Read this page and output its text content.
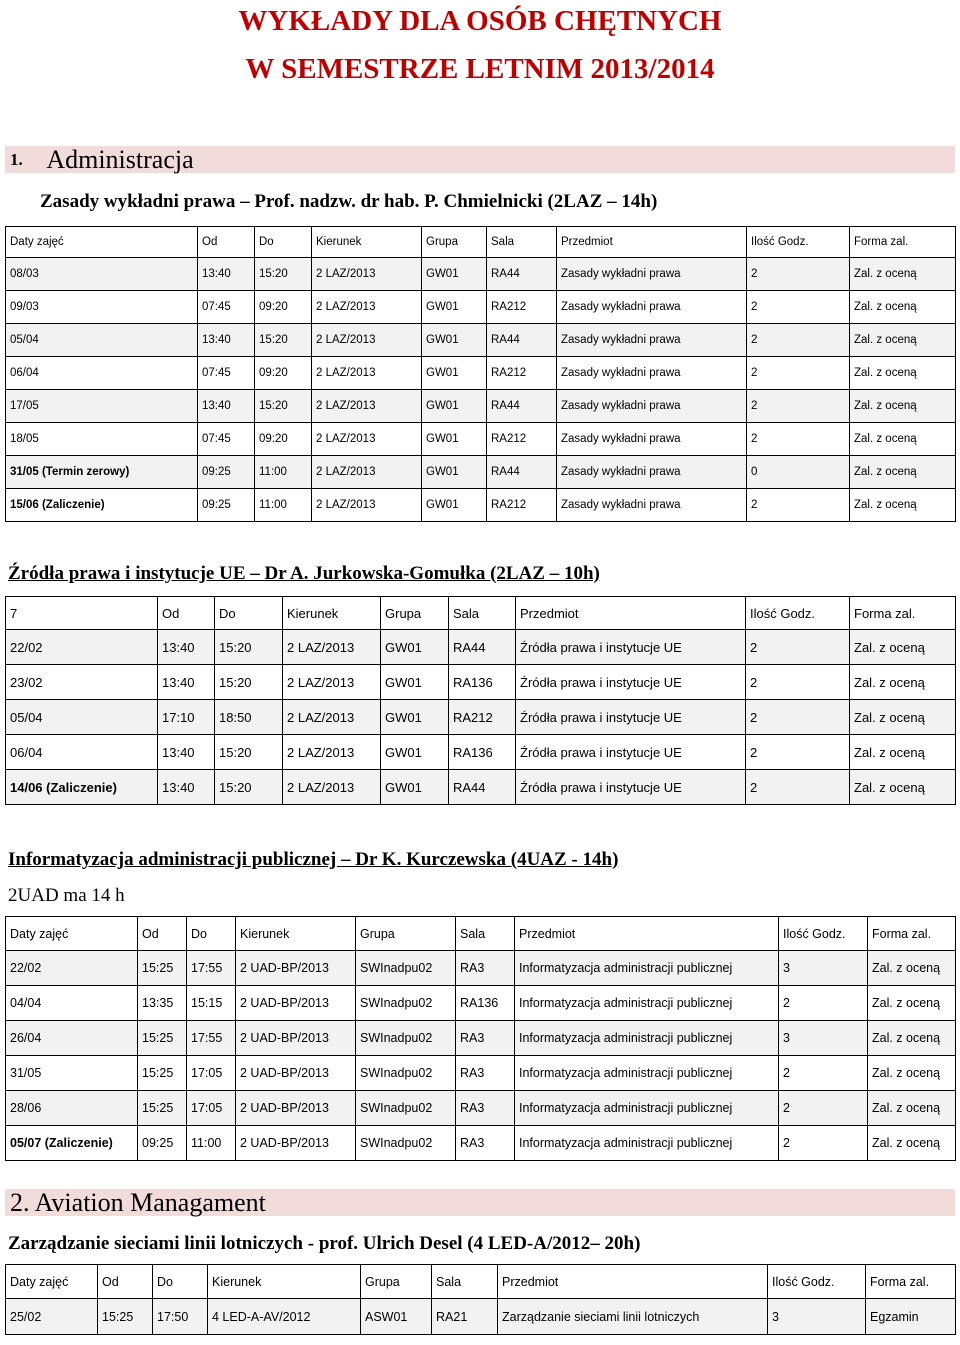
WYKŁADY DLA OSÓB CHĘTNYCH
W SEMESTRZE LETNIM 2013/2014
1. Administracja
Zasady wykładni prawa – Prof. nadzw. dr hab. P. Chmielnicki (2LAZ – 14h)
Daty zajęć	Od	Do	Kierunek	Grupa	Sala	Przedmiot	Ilość Godz.	Forma zal.
08/03	13:40	15:20	2 LAZ/2013	GW01	RA44	Zasady wykładni prawa	2	Zal. z oceną
09/03	07:45	09:20	2 LAZ/2013	GW01	RA212	Zasady wykładni prawa	2	Zal. z oceną
05/04	13:40	15:20	2 LAZ/2013	GW01	RA44	Zasady wykładni prawa	2	Zal. z oceną
06/04	07:45	09:20	2 LAZ/2013	GW01	RA212	Zasady wykładni prawa	2	Zal. z oceną
17/05	13:40	15:20	2 LAZ/2013	GW01	RA44	Zasady wykładni prawa	2	Zal. z oceną
18/05	07:45	09:20	2 LAZ/2013	GW01	RA212	Zasady wykładni prawa	2	Zal. z oceną
31/05 (Termin zerowy)	09:25	11:00	2 LAZ/2013	GW01	RA44	Zasady wykładni prawa	0	Zal. z oceną
15/06 (Zaliczenie)	09:25	11:00	2 LAZ/2013	GW01	RA212	Zasady wykładni prawa	2	Zal. z oceną
Źródła prawa i instytucje UE – Dr A. Jurkowska-Gomułka (2LAZ – 10h)
7	Od	Do	Kierunek	Grupa	Sala	Przedmiot	Ilość Godz.	Forma zal.
22/02	13:40	15:20	2 LAZ/2013	GW01	RA44	Źródła prawa i instytucje UE	2	Zal. z oceną
23/02	13:40	15:20	2 LAZ/2013	GW01	RA136	Źródła prawa i instytucje UE	2	Zal. z oceną
05/04	17:10	18:50	2 LAZ/2013	GW01	RA212	Źródła prawa i instytucje UE	2	Zal. z oceną
06/04	13:40	15:20	2 LAZ/2013	GW01	RA136	Źródła prawa i instytucje UE	2	Zal. z oceną
14/06 (Zaliczenie)	13:40	15:20	2 LAZ/2013	GW01	RA44	Źródła prawa i instytucje UE	2	Zal. z oceną
Informatyzacja administracji publicznej – Dr K. Kurczewska (4UAZ - 14h)
2UAD ma 14 h
Daty zajęć	Od	Do	Kierunek	Grupa	Sala	Przedmiot	Ilość Godz.	Forma zal.
22/02	15:25	17:55	2 UAD-BP/2013	SWInadpu02	RA3	Informatyzacja administracji publicznej	3	Zal. z oceną
04/04	13:35	15:15	2 UAD-BP/2013	SWInadpu02	RA136	Informatyzacja administracji publicznej	2	Zal. z oceną
26/04	15:25	17:55	2 UAD-BP/2013	SWInadpu02	RA3	Informatyzacja administracji publicznej	3	Zal. z oceną
31/05	15:25	17:05	2 UAD-BP/2013	SWInadpu02	RA3	Informatyzacja administracji publicznej	2	Zal. z oceną
28/06	15:25	17:05	2 UAD-BP/2013	SWInadpu02	RA3	Informatyzacja administracji publicznej	2	Zal. z oceną
05/07 (Zaliczenie)	09:25	11:00	2 UAD-BP/2013	SWInadpu02	RA3	Informatyzacja administracji publicznej	2	Zal. z oceną
2. Aviation Managament
Zarządzanie sieciami linii lotniczych - prof. Ulrich Desel (4 LED-A/2012– 20h)
Daty zajęć	Od	Do	Kierunek	Grupa	Sala	Przedmiot	Ilość Godz.	Forma zal.
25/02	15:25	17:50	4 LED-A-AV/2012	ASW01	RA21	Zarządzanie sieciami linii lotniczych	3	Egzamin
